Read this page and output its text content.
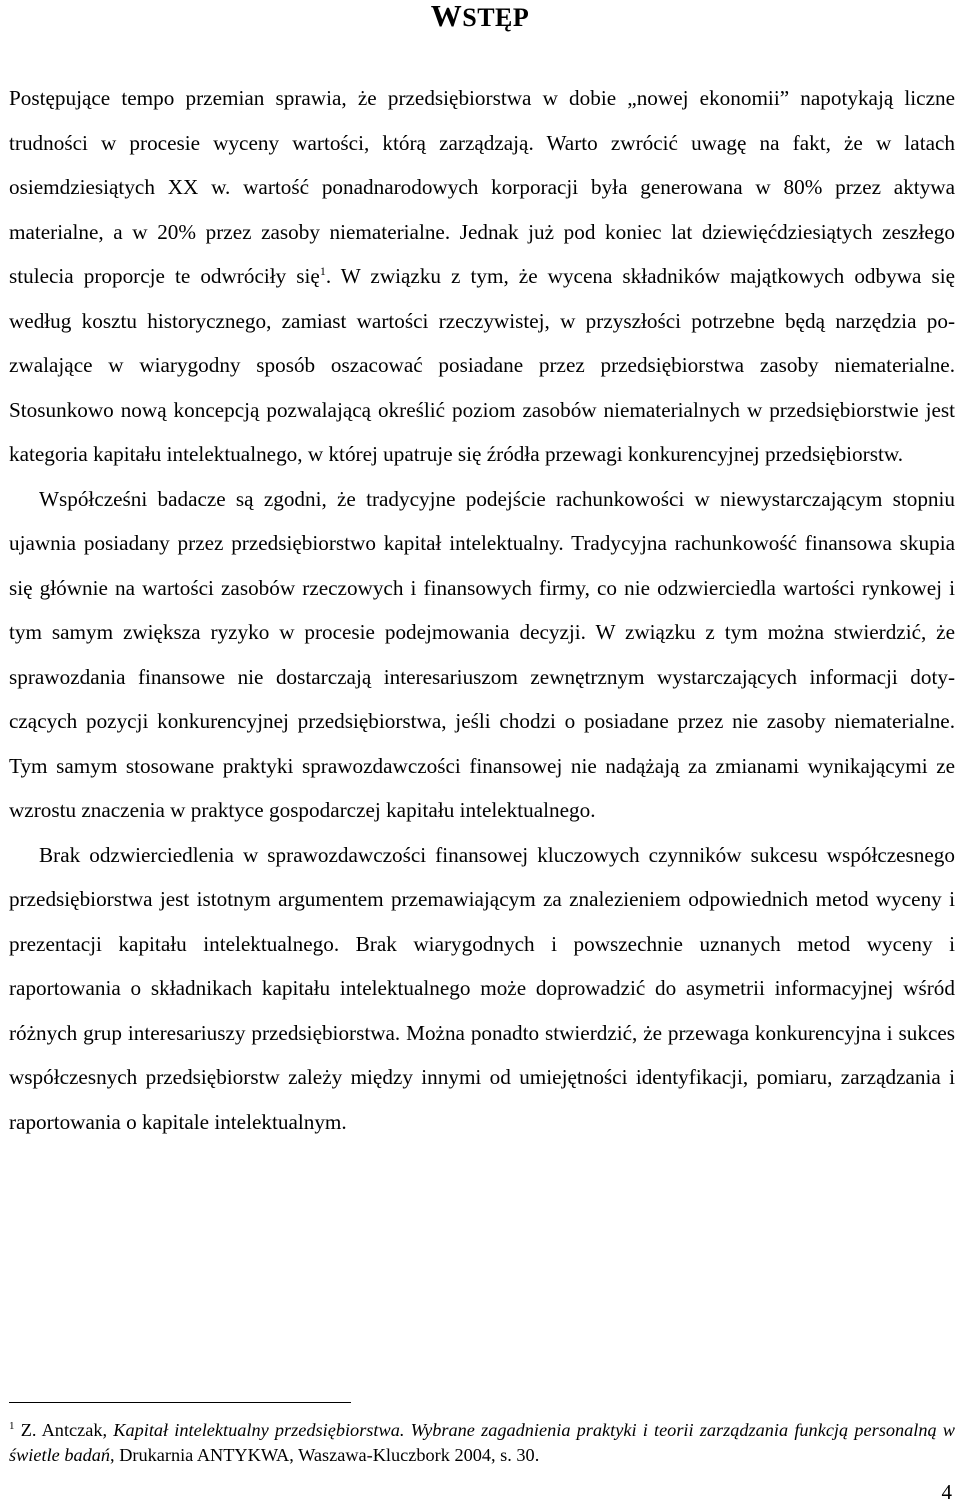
WSTĘP

Postępujące tempo przemian sprawia, że przedsiębiorstwa w dobie „nowej ekonomii” napotykają liczne trudności w procesie wyceny wartości, którą zarządzają. Warto zwrócić uwagę na fakt, że w latach osiemdziesiątych XX w. wartość ponadnarodowych korporacji była generowana w 80% przez aktywa materialne, a w 20% przez zasoby niematerialne. Jednak już pod koniec lat dziewięćdziesiątych zeszłego stulecia proporcje te odwróciły się$^1$. W związku z tym, że wycena składników majątkowych odbywa się według kosztu historycznego, zamiast wartości rzeczywistej, w przyszłości potrzebne będą narzędzia pozwalające w wiarygodny sposób oszacować posiadane przez przedsiębiorstwa zasoby niematerialne. Stosunkowo nową koncepcją pozwalającą określić poziom zasobów niematerialnych w przedsiębiorstwie jest kategoria kapitału intelektualnego, w której upatruje się źródła przewagi konkurencyjnej przedsiębiorstw.

Współcześni badacze są zgodni, że tradycyjne podejście rachunkowości w niewystarczającym stopniu ujawnia posiadany przez przedsiębiorstwo kapitał intelektualny. Tradycyjna rachunkowość finansowa skupia się głównie na wartości zasobów rzeczowych i finansowych firmy, co nie odzwierciedla wartości rynkowej i tym samym zwiększa ryzyko w procesie podejmowania decyzji. W związku z tym można stwierdzić, że sprawozdania finansowe nie dostarczają interesariuszom zewnętrznym wystarczających informacji dotyczących pozycji konkurencyjnej przedsiębiorstwa, jeśli chodzi o posiadane przez nie zasoby niematerialne. Tym samym stosowane praktyki sprawozdawczości finansowej nie nadążają za zmianami wynikającymi ze wzrostu znaczenia w praktyce gospodarczej kapitału intelektualnego.

Brak odzwierciedlenia w sprawozdawczości finansowej kluczowych czynników sukcesu współczesnego przedsiębiorstwa jest istotnym argumentem przemawiającym za znalezieniem odpowiednich metod wyceny i prezentacji kapitału intelektualnego. Brak wiarygodnych i powszechnie uznanych metod wyceny i raportowania o składnikach kapitału intelektualnego może doprowadzić do asymetrii informacyjnej wśród różnych grup interesariuszy przedsiębiorstwa. Można ponadto stwierdzić, że przewaga konkurencyjna i sukces współczesnych przedsiębiorstw zależy między innymi od umiejętności identyfikacji, pomiaru, zarządzania i raportowania o kapitale intelektualnym.

$^1$ Z. Antczak, Kapitał intelektualny przedsiębiorstwa. Wybrane zagadnienia praktyki i teorii zarządzania funkcją personalną w świetle badań, Drukarnia ANTYKWA, Waszawa-Kluczbork 2004, s. 30.
4
